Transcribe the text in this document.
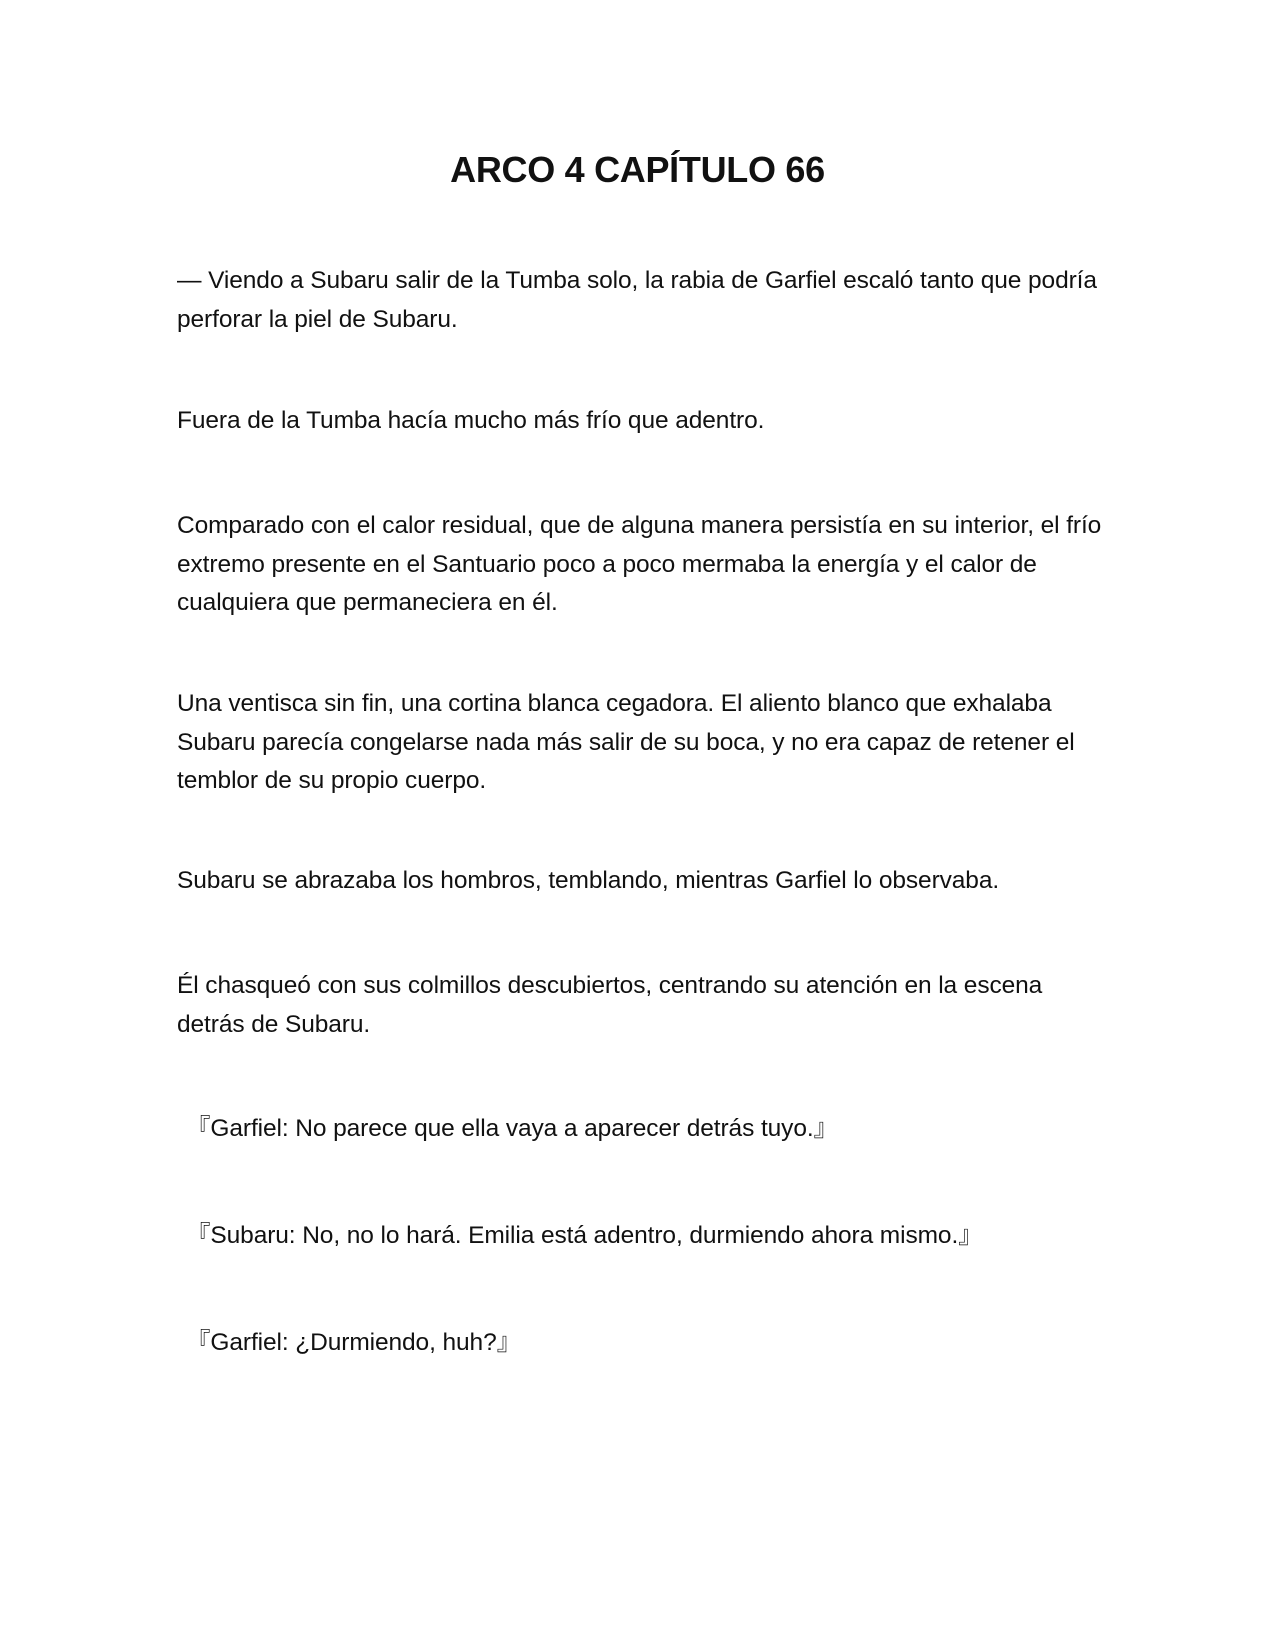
ARCO 4 CAPÍTULO 66

— Viendo a Subaru salir de la Tumba solo, la rabia de Garfiel escaló tanto que podría perforar la piel de Subaru.

Fuera de la Tumba hacía mucho más frío que adentro.

Comparado con el calor residual, que de alguna manera persistía en su interior, el frío extremo presente en el Santuario poco a poco mermaba la energía y el calor de cualquiera que permaneciera en él.

Una ventisca sin fin, una cortina blanca cegadora. El aliento blanco que exhalaba Subaru parecía congelarse nada más salir de su boca, y no era capaz de retener el temblor de su propio cuerpo.

Subaru se abrazaba los hombros, temblando, mientras Garfiel lo observaba.

Él chasqueó con sus colmillos descubiertos, centrando su atención en la escena detrás de Subaru.

『Garfiel: No parece que ella vaya a aparecer detrás tuyo.』

『Subaru: No, no lo hará. Emilia está adentro, durmiendo ahora mismo.』

『Garfiel: ¿Durmiendo, huh?』
